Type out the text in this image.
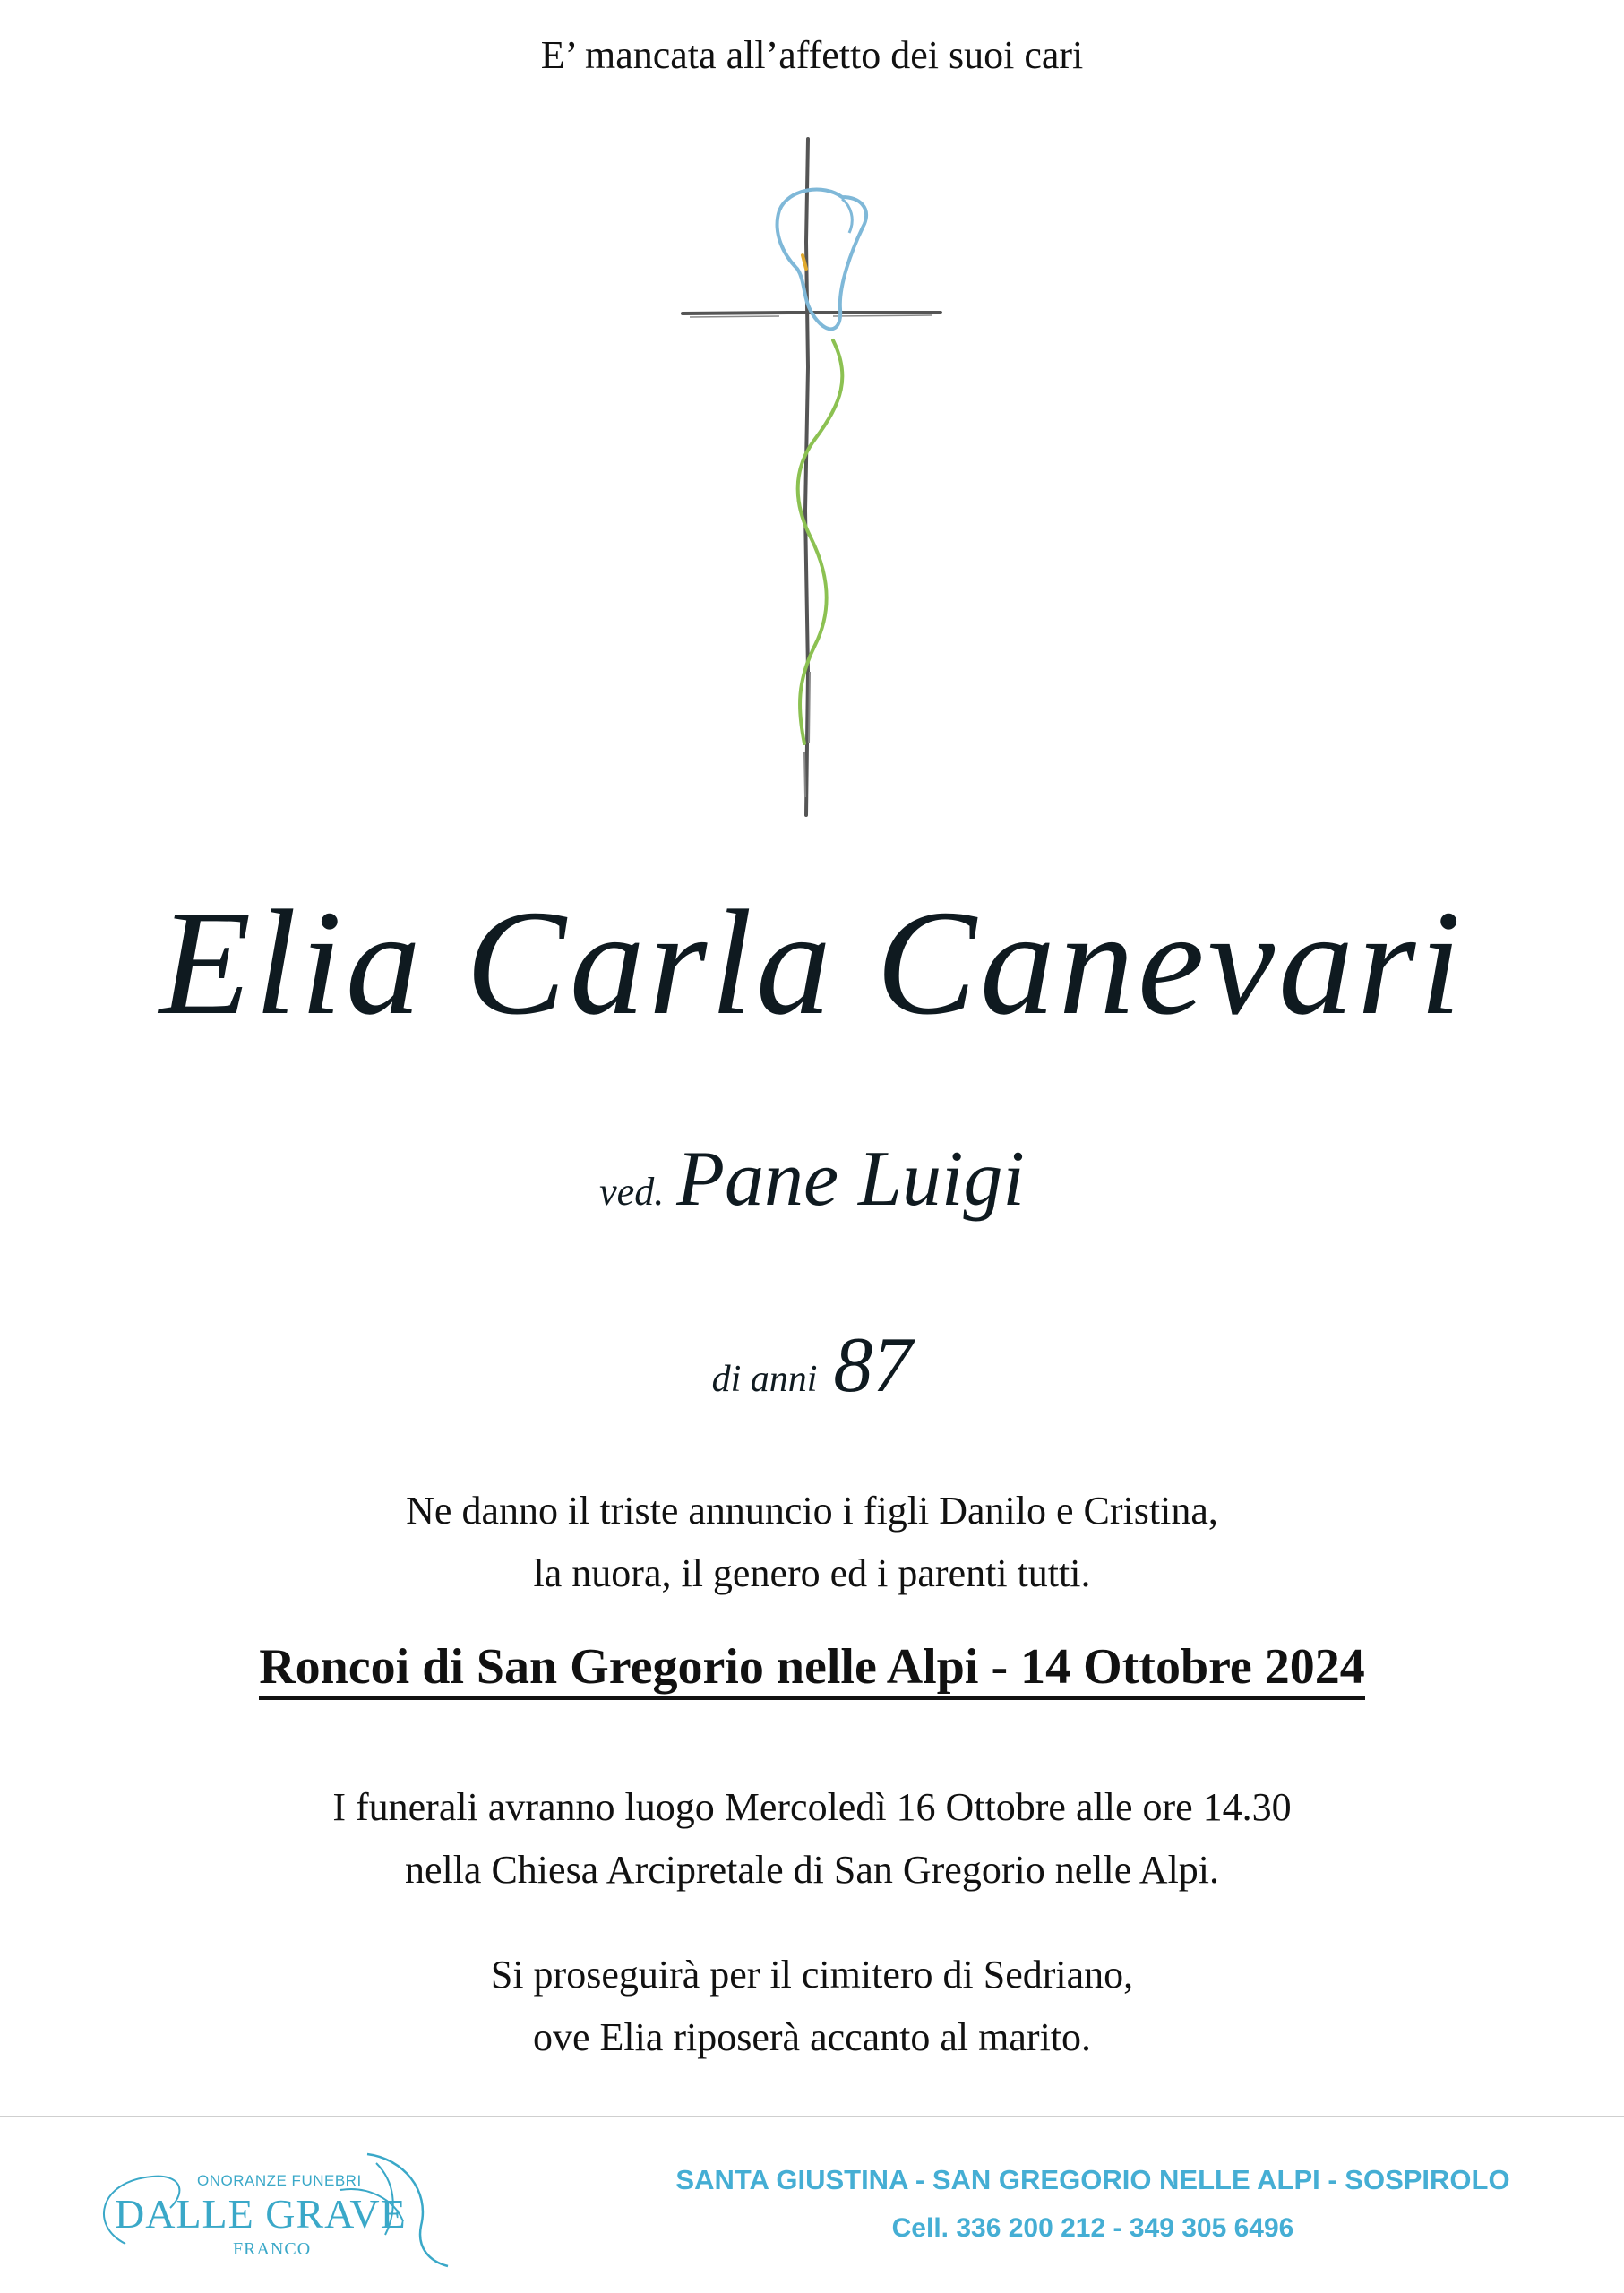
E’ mancata all’affetto dei suoi cari
Elia Carla Canevari
ved. Pane Luigi
di anni 87
Ne danno il triste annuncio i figli Danilo e Cristina,
la nuora, il genero ed i parenti tutti.
Roncoi di San Gregorio nelle Alpi - 14 Ottobre 2024
I funerali avranno luogo Mercoledì 16 Ottobre alle ore 14.30
nella Chiesa Arcipretale di San Gregorio nelle Alpi.
Si proseguirà per il cimitero di Sedriano,
ove Elia riposerà accanto al marito.
ONORANZE FUNEBRI
DALLE GRAVE
FRANCO
SANTA GIUSTINA - SAN GREGORIO NELLE ALPI - SOSPIROLO
Cell. 336 200 212 - 349 305 6496
